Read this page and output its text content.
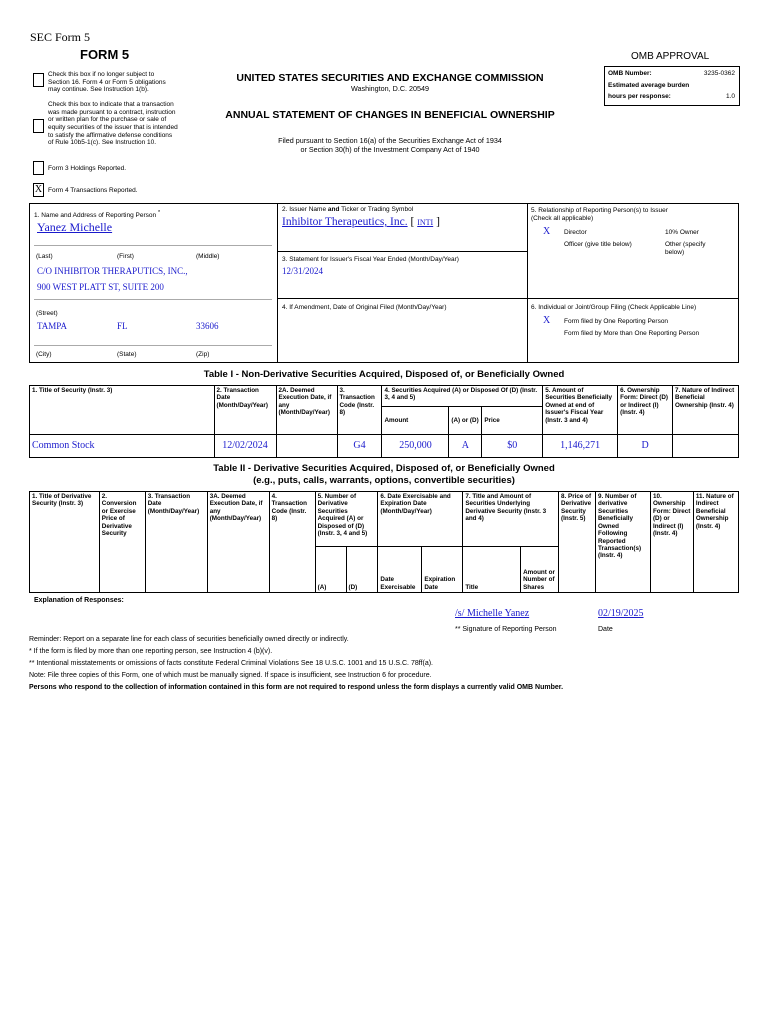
SEC Form 5
FORM 5	OMB APPROVAL
OMB Number:	3235-0362
Estimated average burden
hours per response:	1.0
Check this box if no longer subject to Section 16. Form 4 or Form 5 obligations may continue. See Instruction 1(b).
Check this box to indicate that a transaction was made pursuant to a contract, instruction or written plan for the purchase or sale of equity securities of the issuer that is intended to satisfy the affirmative defense conditions of Rule 10b5-1(c). See Instruction 10.
Form 3 Holdings Reported.
X Form 4 Transactions Reported.
UNITED STATES SECURITIES AND EXCHANGE COMMISSION
Washington, D.C. 20549
ANNUAL STATEMENT OF CHANGES IN BENEFICIAL OWNERSHIP
Filed pursuant to Section 16(a) of the Securities Exchange Act of 1934
or Section 30(h) of the Investment Company Act of 1940
1. Name and Address of Reporting Person *
Yanez Michelle
(Last)	(First)	(Middle)
C/O INHIBITOR THERAPUTICS, INC.,
900 WEST PLATT ST, SUITE 200
(Street)
TAMPA	FL	33606
(City)	(State)	(Zip)
2. Issuer Name and Ticker or Trading Symbol
Inhibitor Therapeutics, Inc. [ INTI ]
3. Statement for Issuer's Fiscal Year Ended (Month/Day/Year)
12/31/2024
4. If Amendment, Date of Original Filed (Month/Day/Year)
5. Relationship of Reporting Person(s) to Issuer
(Check all applicable)
X Director	10% Owner
Officer (give title below)	Other (specify below)
6. Individual or Joint/Group Filing (Check Applicable Line)
X Form filed by One Reporting Person
Form filed by More than One Reporting Person
Table I - Non-Derivative Securities Acquired, Disposed of, or Beneficially Owned
1. Title of Security (Instr. 3)	2. Transaction Date (Month/Day/Year)	2A. Deemed Execution Date, if any (Month/Day/Year)	3. Transaction Code (Instr. 8)	4. Securities Acquired (A) or Disposed Of (D) (Instr. 3, 4 and 5)			5. Amount of Securities Beneficially Owned at end of Issuer's Fiscal Year (Instr. 3 and 4)	6. Ownership Form: Direct (D) or Indirect (I) (Instr. 4)	7. Nature of Indirect Beneficial Ownership (Instr. 4)
				Amount	(A) or (D)	Price			
Common Stock	12/02/2024		G4	250,000	A	$0	1,146,271	D	
Table II - Derivative Securities Acquired, Disposed of, or Beneficially Owned
(e.g., puts, calls, warrants, options, convertible securities)
1. Title of Derivative Security (Instr. 3)	2. Conversion or Exercise Price of Derivative Security	3. Transaction Date (Month/Day/Year)	3A. Deemed Execution Date, if any (Month/Day/Year)	4. Transaction Code (Instr. 8)	5. Number of Derivative Securities Acquired (A) or Disposed of (D) (Instr. 3, 4 and 5)		6. Date Exercisable and Expiration Date (Month/Day/Year)		7. Title and Amount of Securities Underlying Derivative Security (Instr. 3 and 4)		8. Price of Derivative Security (Instr. 5)	9. Number of derivative Securities Beneficially Owned Following Reported Transaction(s) (Instr. 4)	10. Ownership Form: Direct (D) or Indirect (I) (Instr. 4)	11. Nature of Indirect Beneficial Ownership (Instr. 4)
					(A)	(D)	Date Exercisable	Expiration Date	Title	Amount or Number of Shares				
Explanation of Responses:
/s/ Michelle Yanez	02/19/2025
** Signature of Reporting Person	Date
Reminder: Report on a separate line for each class of securities beneficially owned directly or indirectly.
* If the form is filed by more than one reporting person, see Instruction 4 (b)(v).
** Intentional misstatements or omissions of facts constitute Federal Criminal Violations See 18 U.S.C. 1001 and 15 U.S.C. 78ff(a).
Note: File three copies of this Form, one of which must be manually signed. If space is insufficient, see Instruction 6 for procedure.
Persons who respond to the collection of information contained in this form are not required to respond unless the form displays a currently valid OMB Number.
